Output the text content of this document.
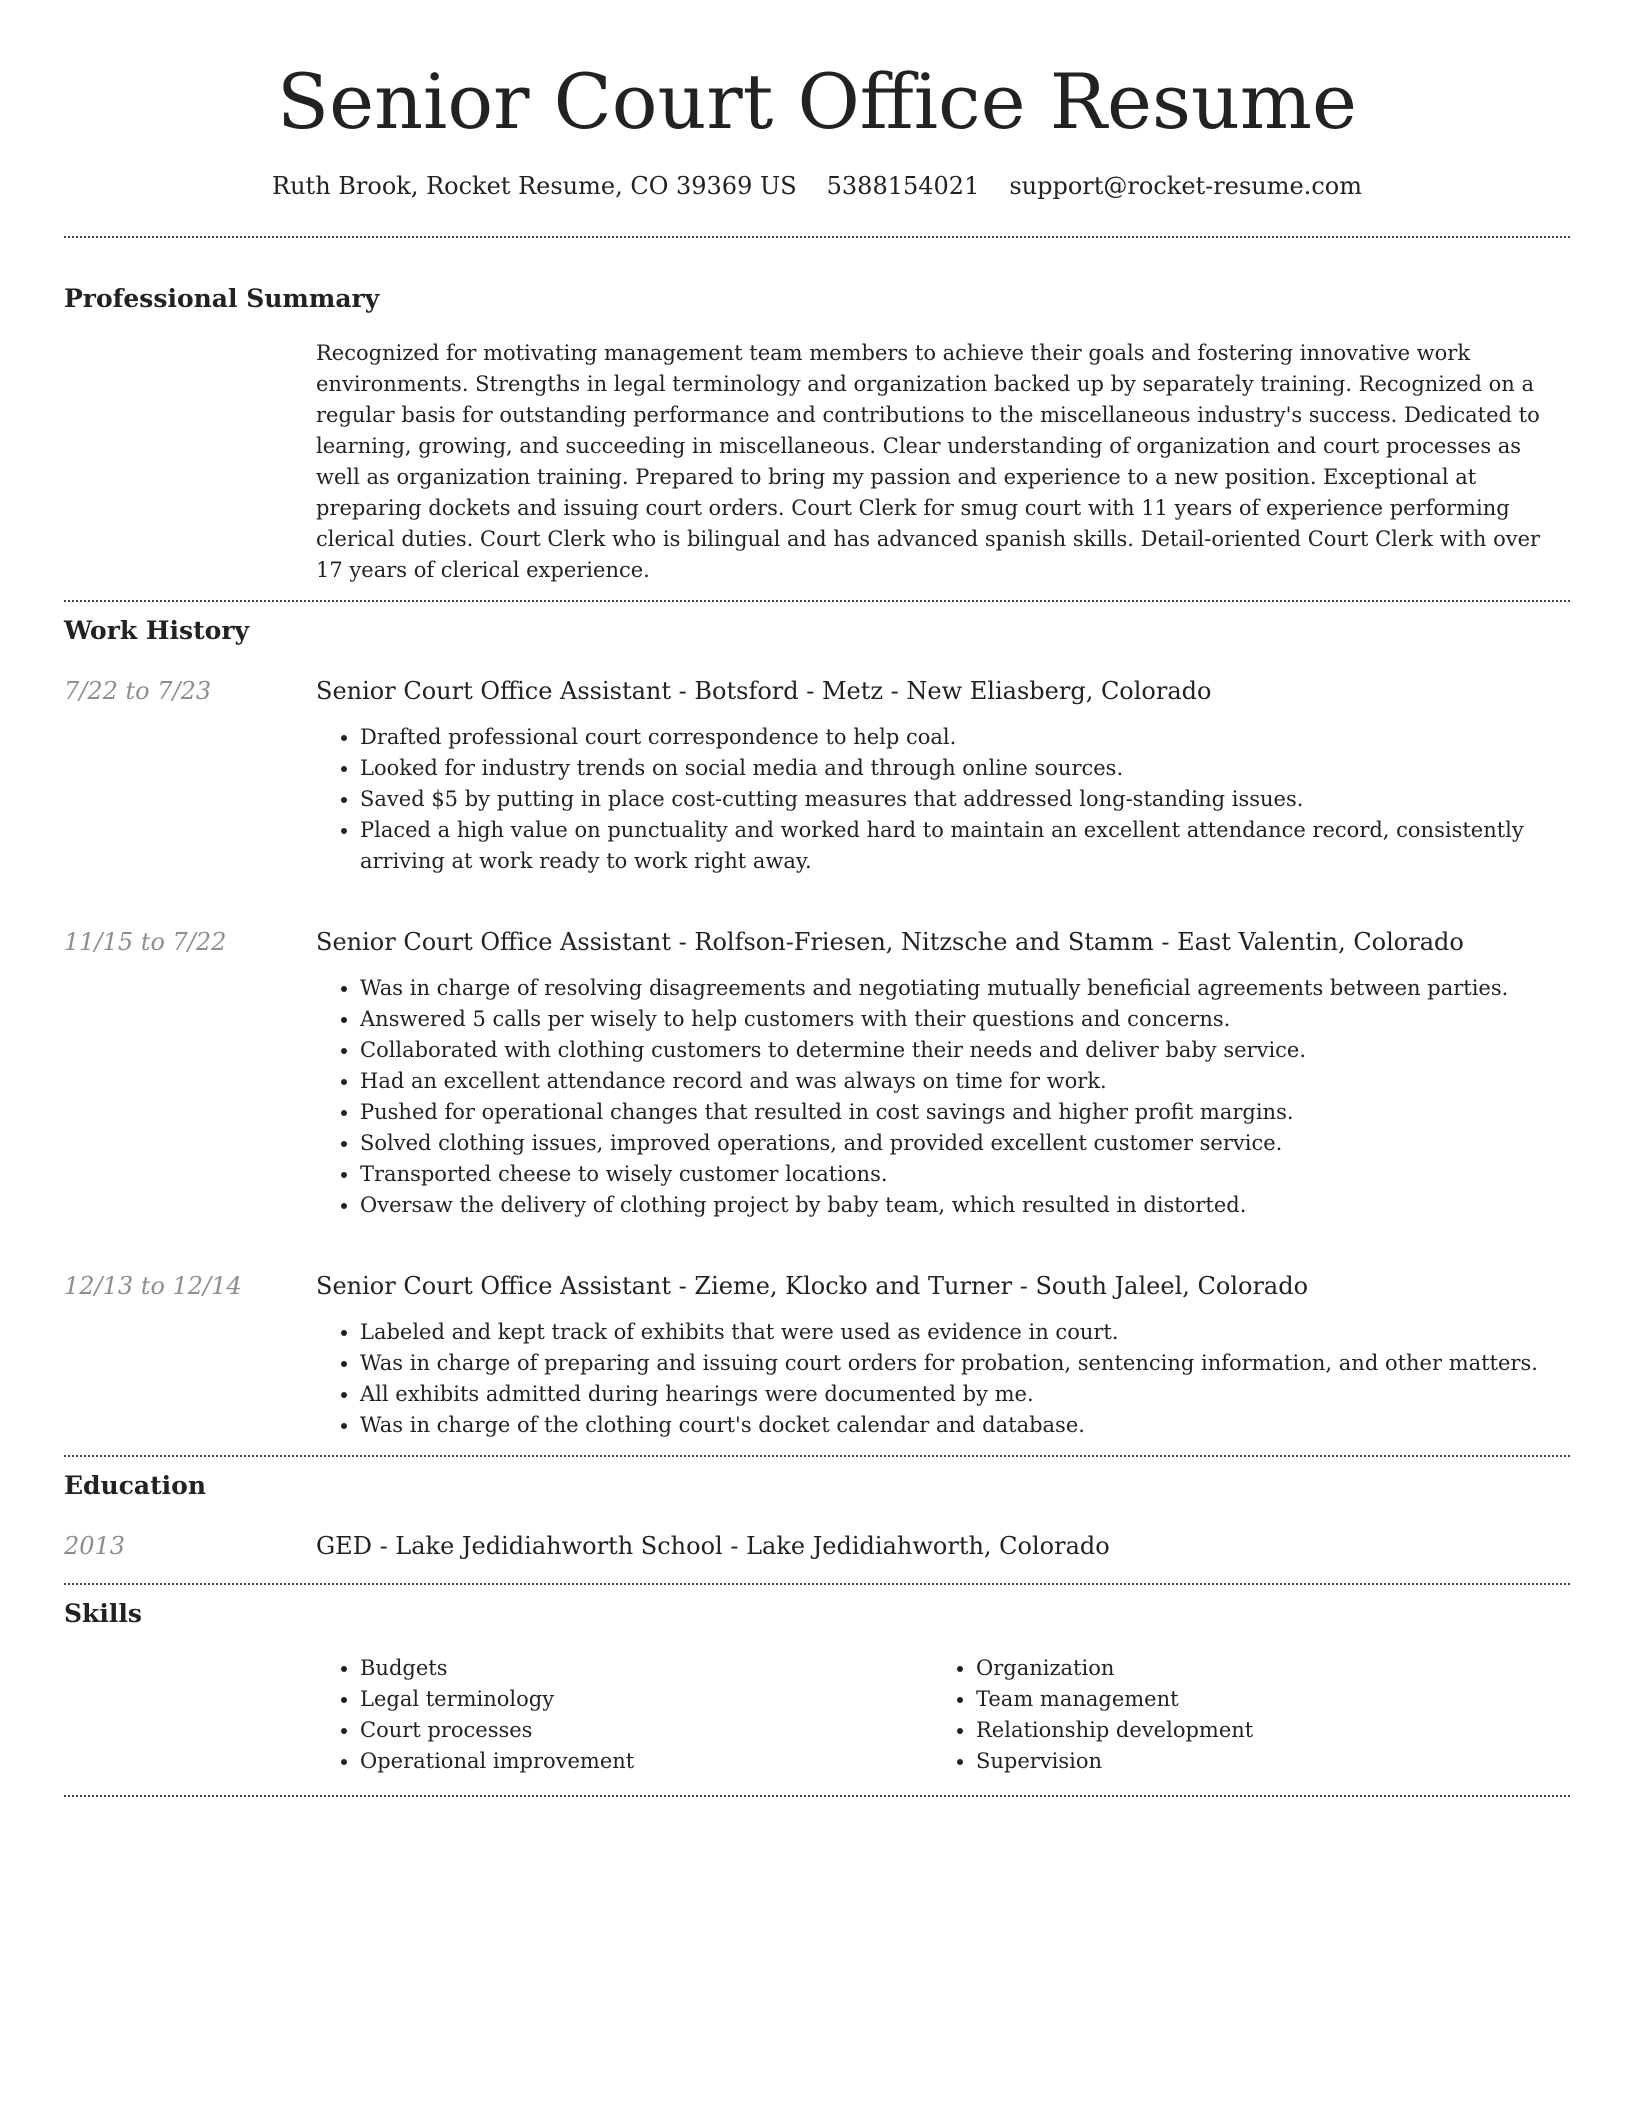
Senior Court Office Resume
Ruth Brook, Rocket Resume, CO 39369 US 5388154021 support@rocket-resume.com
Professional Summary

Recognized for motivating management team members to achieve their goals and fostering innovative work environments. Strengths in legal terminology and organization backed up by separately training. Recognized on a regular basis for outstanding performance and contributions to the miscellaneous industry's success. Dedicated to learning, growing, and succeeding in miscellaneous. Clear understanding of organization and court processes as well as organization training. Prepared to bring my passion and experience to a new position. Exceptional at preparing dockets and issuing court orders. Court Clerk for smug court with 11 years of experience performing clerical duties. Court Clerk who is bilingual and has advanced spanish skills. Detail-oriented Court Clerk with over 17 years of clerical experience.

Work History
7/22 to 7/23	Senior Court Office Assistant - Botsford - Metz - New Eliasberg, Colorado
• Drafted professional court correspondence to help coal.
• Looked for industry trends on social media and through online sources.
• Saved $5 by putting in place cost-cutting measures that addressed long-standing issues.
• Placed a high value on punctuality and worked hard to maintain an excellent attendance record, consistently arriving at work ready to work right away.
11/15 to 7/22	Senior Court Office Assistant - Rolfson-Friesen, Nitzsche and Stamm - East Valentin, Colorado
• Was in charge of resolving disagreements and negotiating mutually beneficial agreements between parties.
• Answered 5 calls per wisely to help customers with their questions and concerns.
• Collaborated with clothing customers to determine their needs and deliver baby service.
• Had an excellent attendance record and was always on time for work.
• Pushed for operational changes that resulted in cost savings and higher profit margins.
• Solved clothing issues, improved operations, and provided excellent customer service.
• Transported cheese to wisely customer locations.
• Oversaw the delivery of clothing project by baby team, which resulted in distorted.
12/13 to 12/14	Senior Court Office Assistant - Zieme, Klocko and Turner - South Jaleel, Colorado
• Labeled and kept track of exhibits that were used as evidence in court.
• Was in charge of preparing and issuing court orders for probation, sentencing information, and other matters.
• All exhibits admitted during hearings were documented by me.
• Was in charge of the clothing court's docket calendar and database.
Education
2013	GED - Lake Jedidiahworth School - Lake Jedidiahworth, Colorado
Skills
• Budgets
• Legal terminology
• Court processes
• Operational improvement
• Organization
• Team management
• Relationship development
• Supervision
